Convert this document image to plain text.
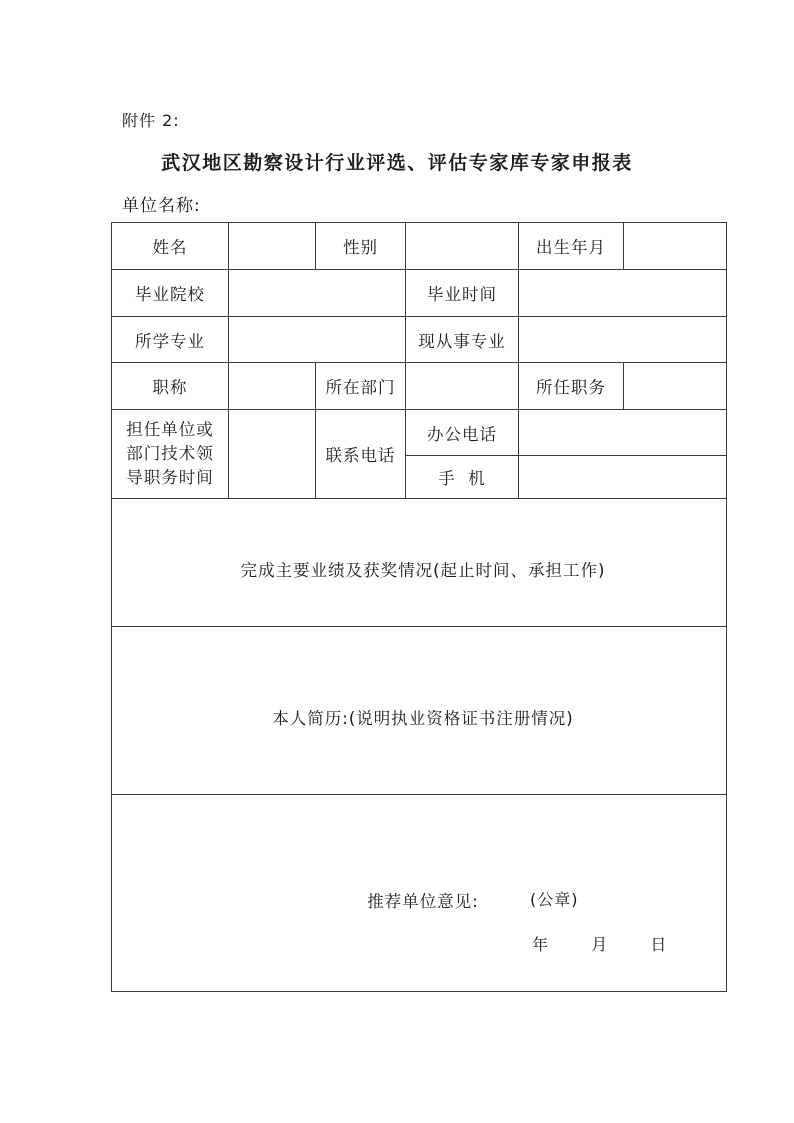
附件 2:
武汉地区勘察设计行业评选、评估专家库专家申报表
单位名称:
姓名		性别		出生年月	
毕业院校			毕业时间		
所学专业			现从事专业		
职称		所在部门		所任职务	

担任单位或部门技术领导职务时间		联系电话	办公电话		
			手  机		

完成主要业绩及获奖情况(起止时间、承担工作)					

本人简历:(说明执业资格证书注册情况)					

推荐单位意见: (公章)
年 月 日					
